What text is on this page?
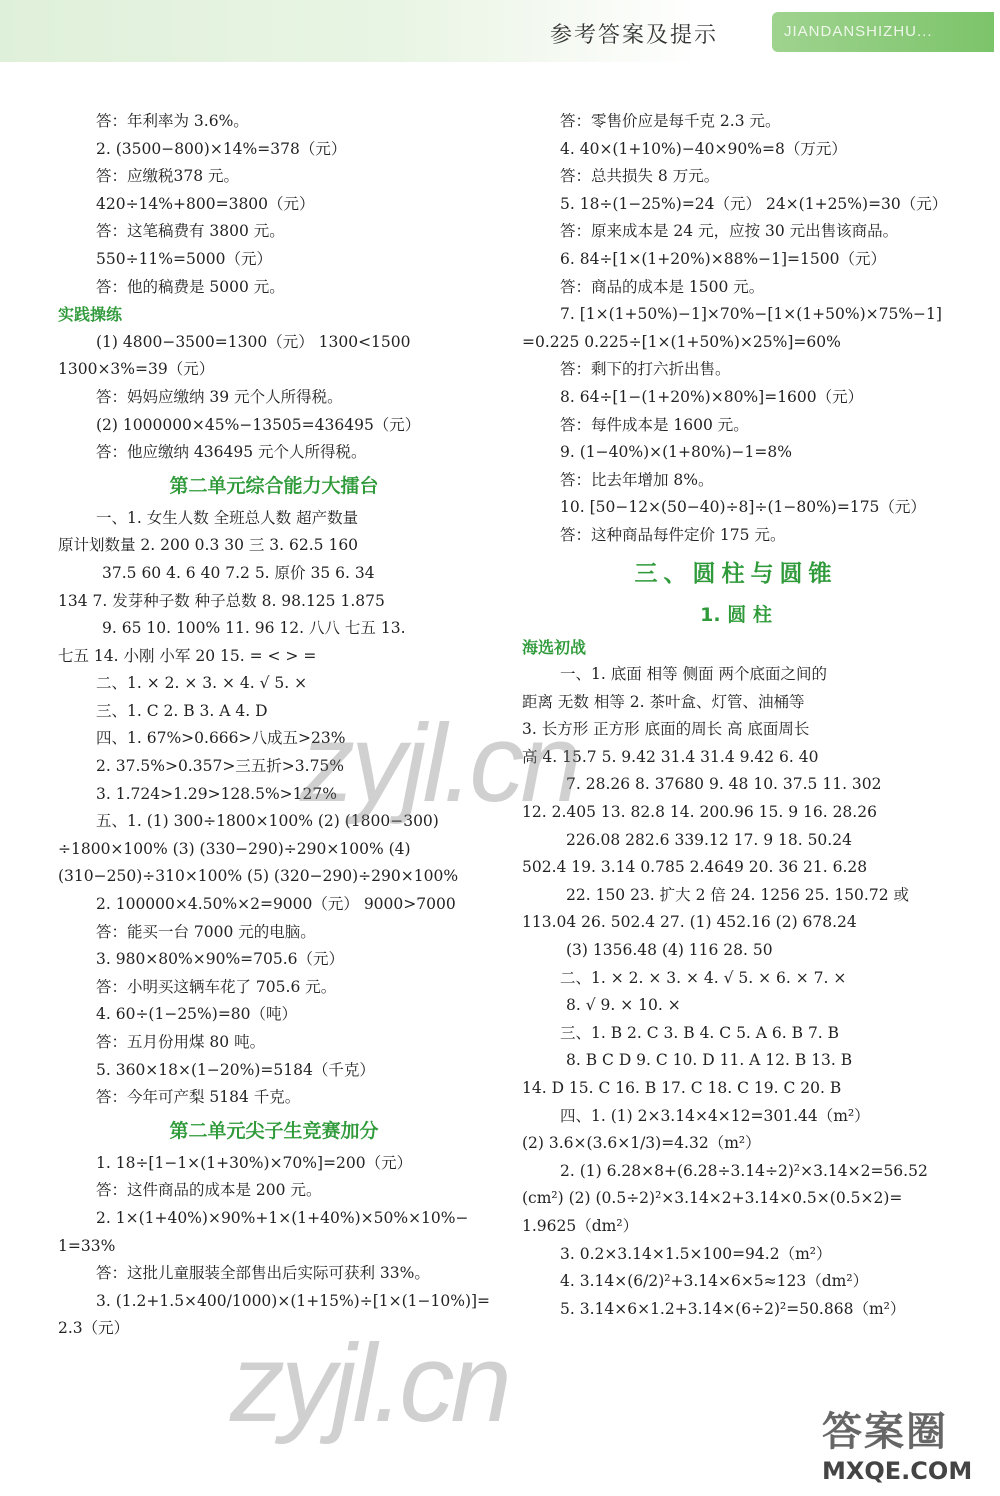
参考答案及提示	JIANDANSHIZHU...
答：年利率为 3.6%。
2. (3500−800)×14%=378（元）
答：应缴税378 元。
420÷14%+800=3800（元）
答：这笔稿费有 3800 元。
550÷11%=5000（元）
答：他的稿费是 5000 元。
实践操练
(1) 4800−3500=1300（元） 1300<1500
1300×3%=39（元）
答：妈妈应缴纳 39 元个人所得税。
(2) 1000000×45%−13505=436495（元）
答：他应缴纳 436495 元个人所得税。
第二单元综合能力大擂台
一、1. 女生人数 全班总人数 超产数量
原计划数量 2. 200 0.3 30 三 3. 62.5 160
37.5 60 4. 6 40 7.2 5. 原价 35 6. 34
134 7. 发芽种子数 种子总数 8. 98.125 1.875
9. 65 10. 100% 11. 96 12. 八八 七五 13.
七五 14. 小刚 小军 20 15. = < > =
二、1. × 2. × 3. × 4. √ 5. ×
三、1. C 2. B 3. A 4. D
四、1. 67%>0.666>八成五>23%
2. 37.5%>0.357>三五折>3.75%
3. 1.724>1.29>128.5%>127%
五、1. (1) 300÷1800×100% (2) (1800−300)
÷1800×100% (3) (330−290)÷290×100% (4)
(310−250)÷310×100% (5) (320−290)÷290×100%
2. 100000×4.50%×2=9000（元） 9000>7000
答：能买一台 7000 元的电脑。
3. 980×80%×90%=705.6（元）
答：小明买这辆车花了 705.6 元。
4. 60÷(1−25%)=80（吨）
答：五月份用煤 80 吨。
5. 360×18×(1−20%)=5184（千克）
答：今年可产梨 5184 千克。
第二单元尖子生竞赛加分
1. 18÷[1−1×(1+30%)×70%]=200（元）
答：这件商品的成本是 200 元。
2. 1×(1+40%)×90%+1×(1+40%)×50%×10%−
1=33%
答：这批儿童服装全部售出后实际可获利 33%。
3. (1.2+1.5×400/1000)×(1+15%)÷[1×(1−10%)]=
2.3（元）
答：零售价应是每千克 2.3 元。
4. 40×(1+10%)−40×90%=8（万元）
答：总共损失 8 万元。
5. 18÷(1−25%)=24（元） 24×(1+25%)=30（元）
答：原来成本是 24 元，应按 30 元出售该商品。
6. 84÷[1×(1+20%)×88%−1]=1500（元）
答：商品的成本是 1500 元。
7. [1×(1+50%)−1]×70%−[1×(1+50%)×75%−1]
=0.225 0.225÷[1×(1+50%)×25%]=60%
答：剩下的打六折出售。
8. 64÷[1−(1+20%)×80%]=1600（元）
答：每件成本是 1600 元。
9. (1−40%)×(1+80%)−1=8%
答：比去年增加 8%。
10. [50−12×(50−40)÷8]÷(1−80%)=175（元）
答：这种商品每件定价 175 元。
三、圆柱与圆锥
1. 圆 柱
海选初战
一、1. 底面 相等 侧面 两个底面之间的
距离 无数 相等 2. 茶叶盒、灯管、油桶等
3. 长方形 正方形 底面的周长 高 底面周长
高 4. 15.7 5. 9.42 31.4 31.4 9.42 6. 40
7. 28.26 8. 37680 9. 48 10. 37.5 11. 302
12. 2.405 13. 82.8 14. 200.96 15. 9 16. 28.26
226.08 282.6 339.12 17. 9 18. 50.24
502.4 19. 3.14 0.785 2.4649 20. 36 21. 6.28
22. 150 23. 扩大 2 倍 24. 1256 25. 150.72 或
113.04 26. 502.4 27. (1) 452.16 (2) 678.24
(3) 1356.48 (4) 116 28. 50
二、1. × 2. × 3. × 4. √ 5. × 6. × 7. ×
8. √ 9. × 10. ×
三、1. B 2. C 3. B 4. C 5. A 6. B 7. B
8. B C D 9. C 10. D 11. A 12. B 13. B
14. D 15. C 16. B 17. C 18. C 19. C 20. B
四、1. (1) 2×3.14×4×12=301.44（m²）
(2) 3.6×(3.6×1/3)=4.32（m²）
2. (1) 6.28×8+(6.28÷3.14÷2)²×3.14×2=56.52
(cm²) (2) (0.5÷2)²×3.14×2+3.14×0.5×(0.5×2)=
1.9625（dm²）
3. 0.2×3.14×1.5×100=94.2（m²）
4. 3.14×(6/2)²+3.14×6×5≈123（dm²）
5. 3.14×6×1.2+3.14×(6÷2)²=50.868（m²）
zyjl.cn
zyjl.cn	答案圈
MXQE.COM
